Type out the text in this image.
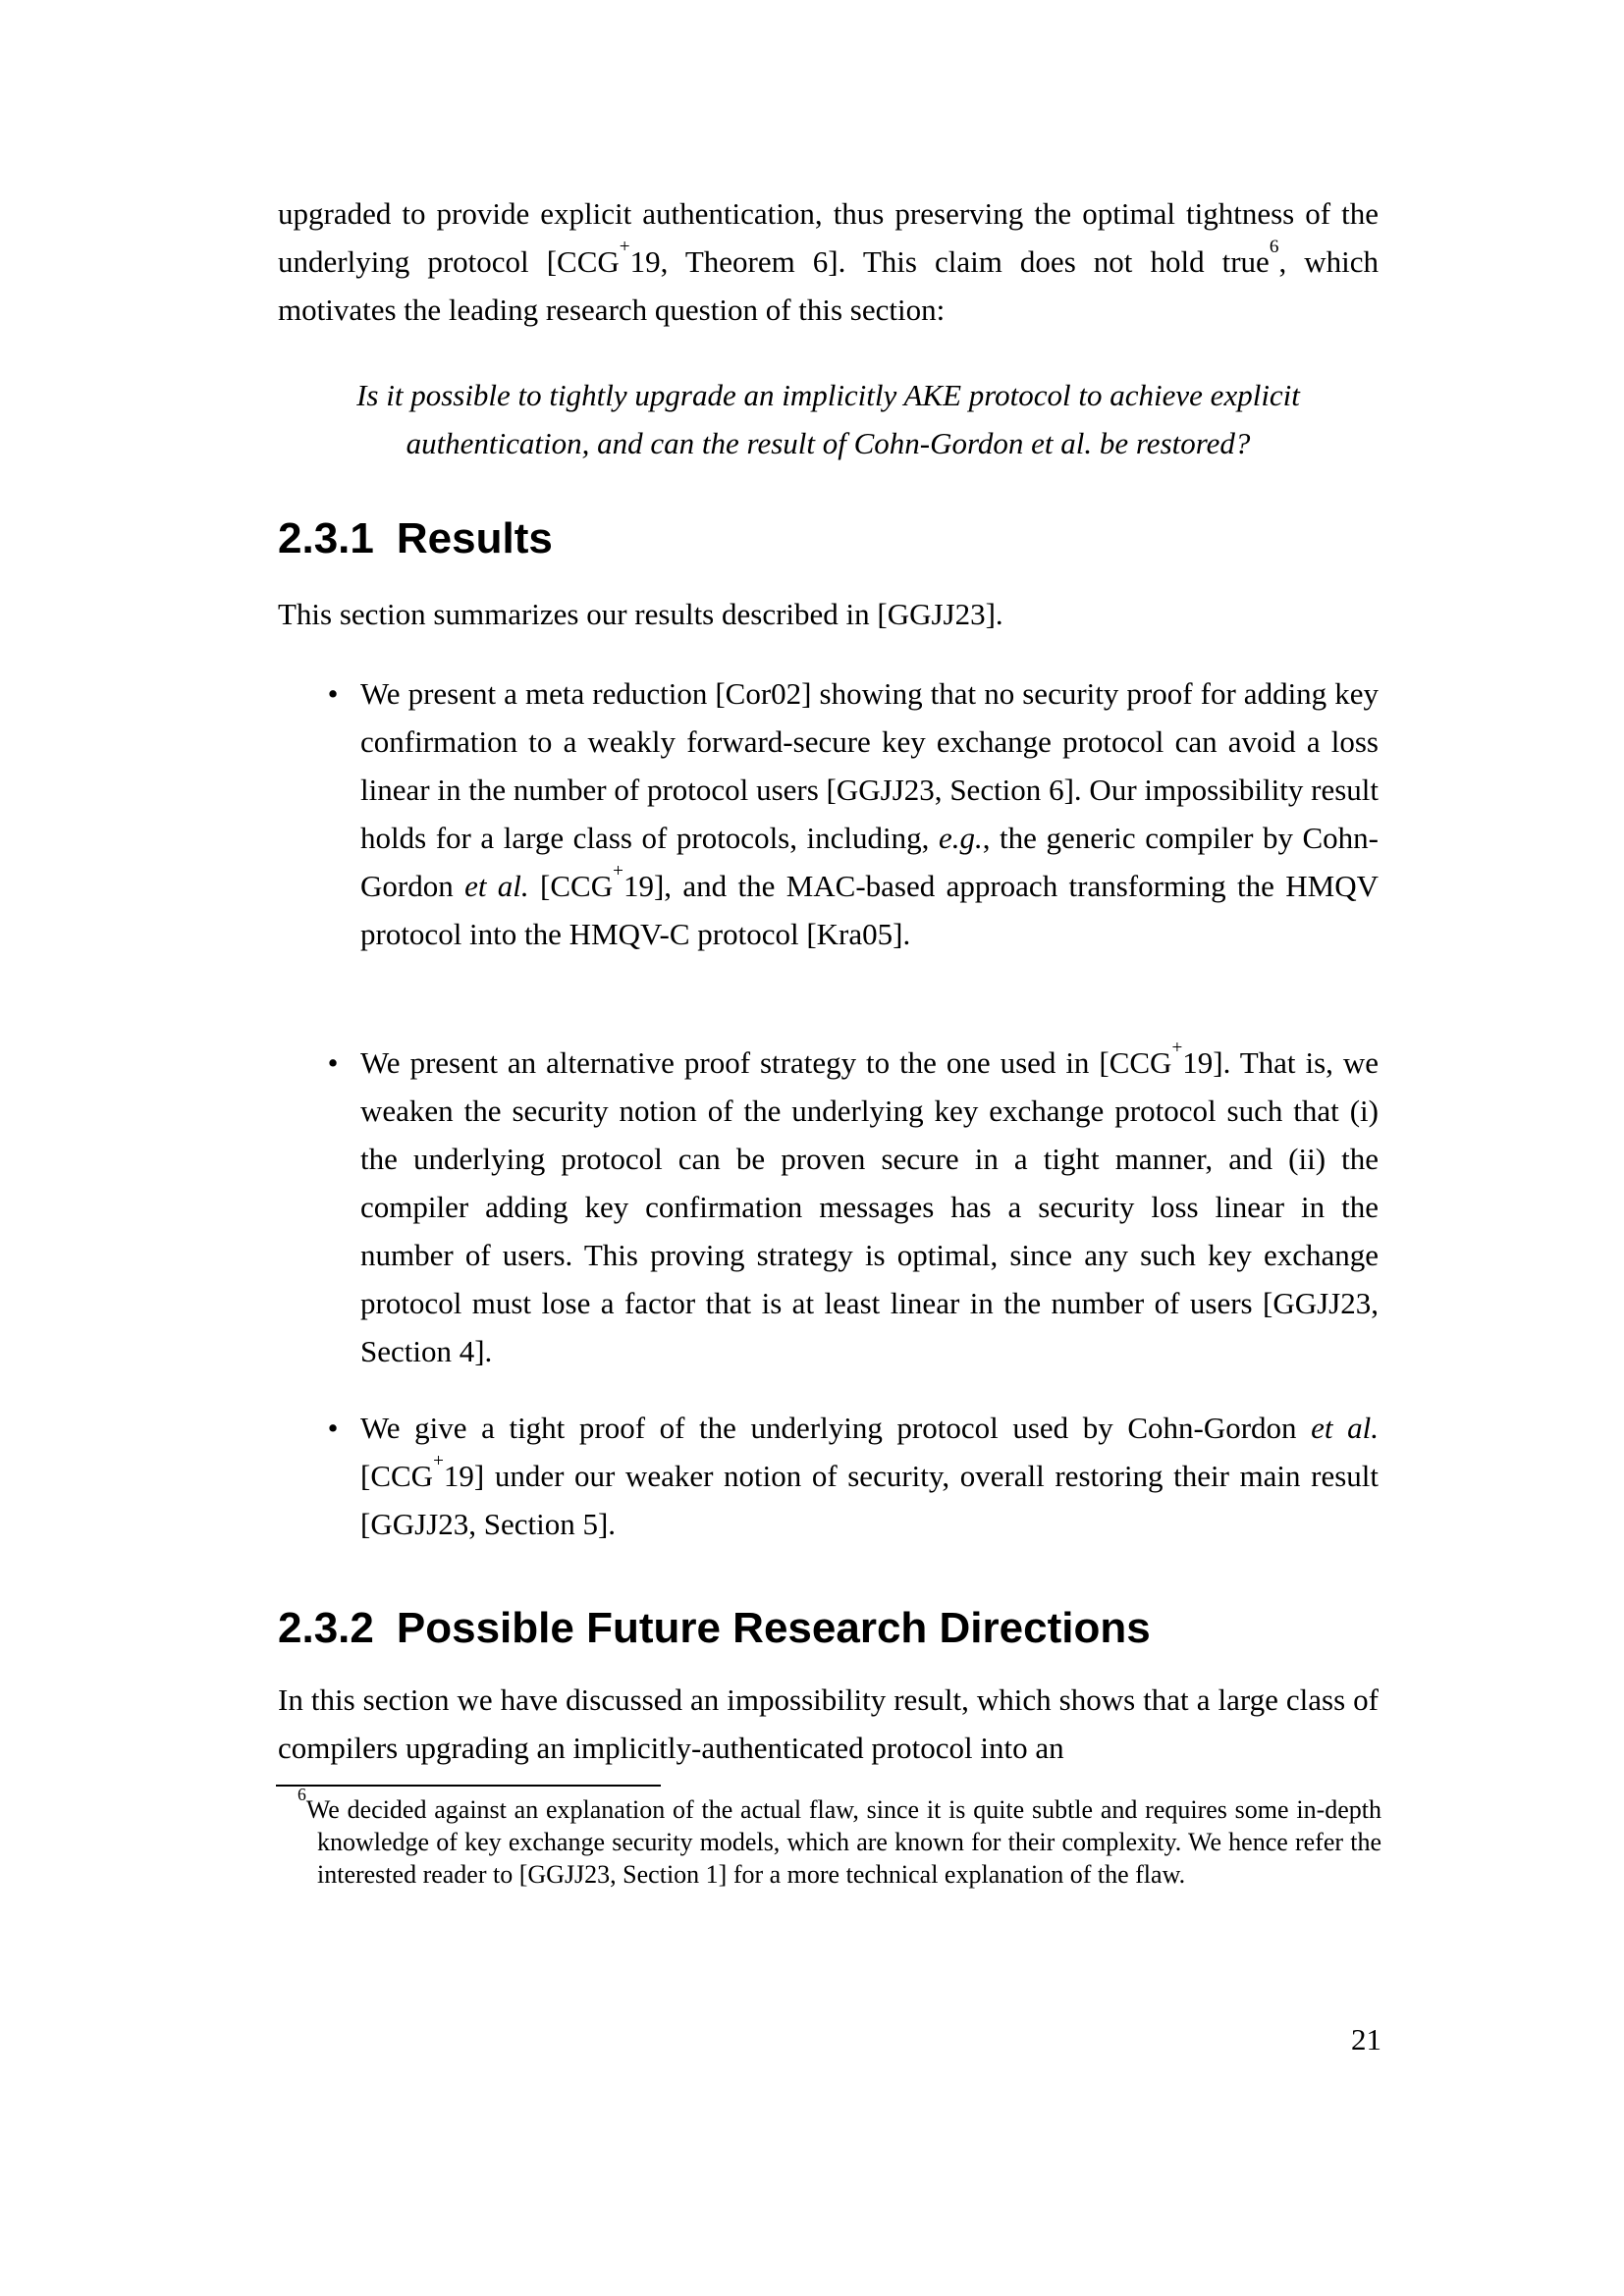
upgraded to provide explicit authentication, thus preserving the optimal tightness of the underlying protocol [CCG+19, Theorem 6]. This claim does not hold true$^6$, which motivates the leading research question of this section:

Is it possible to tightly upgrade an implicitly AKE protocol to achieve explicit
authentication, and can the result of Cohn-Gordon et al. be restored?
2.3.1 Results

This section summarizes our results described in [GGJJ23].

• We present a meta reduction [Cor02] showing that no security proof for adding key confirmation to a weakly forward-secure key exchange protocol can avoid a loss linear in the number of protocol users [GGJJ23, Section 6]. Our impossibility result holds for a large class of protocols, including, e.g., the generic compiler by Cohn-Gordon et al. [CCG+19], and the MAC-based approach transforming the HMQV protocol into the HMQV-C protocol [Kra05].
• We present an alternative proof strategy to the one used in [CCG+19]. That is, we weaken the security notion of the underlying key exchange protocol such that (i) the underlying protocol can be proven secure in a tight manner, and (ii) the compiler adding key confirmation messages has a security loss linear in the number of users. This proving strategy is optimal, since any such key exchange protocol must lose a factor that is at least linear in the number of users [GGJJ23, Section 4].
• We give a tight proof of the underlying protocol used by Cohn-Gordon et al. [CCG+19] under our weaker notion of security, overall restoring their main result [GGJJ23, Section 5].
2.3.2 Possible Future Research Directions

In this section we have discussed an impossibility result, which shows that a large class of compilers upgrading an implicitly-authenticated protocol into an

$^6$We decided against an explanation of the actual flaw, since it is quite subtle and requires some in-depth knowledge of key exchange security models, which are known for their complexity. We hence refer the interested reader to [GGJJ23, Section 1] for a more technical explanation of the flaw.
21
